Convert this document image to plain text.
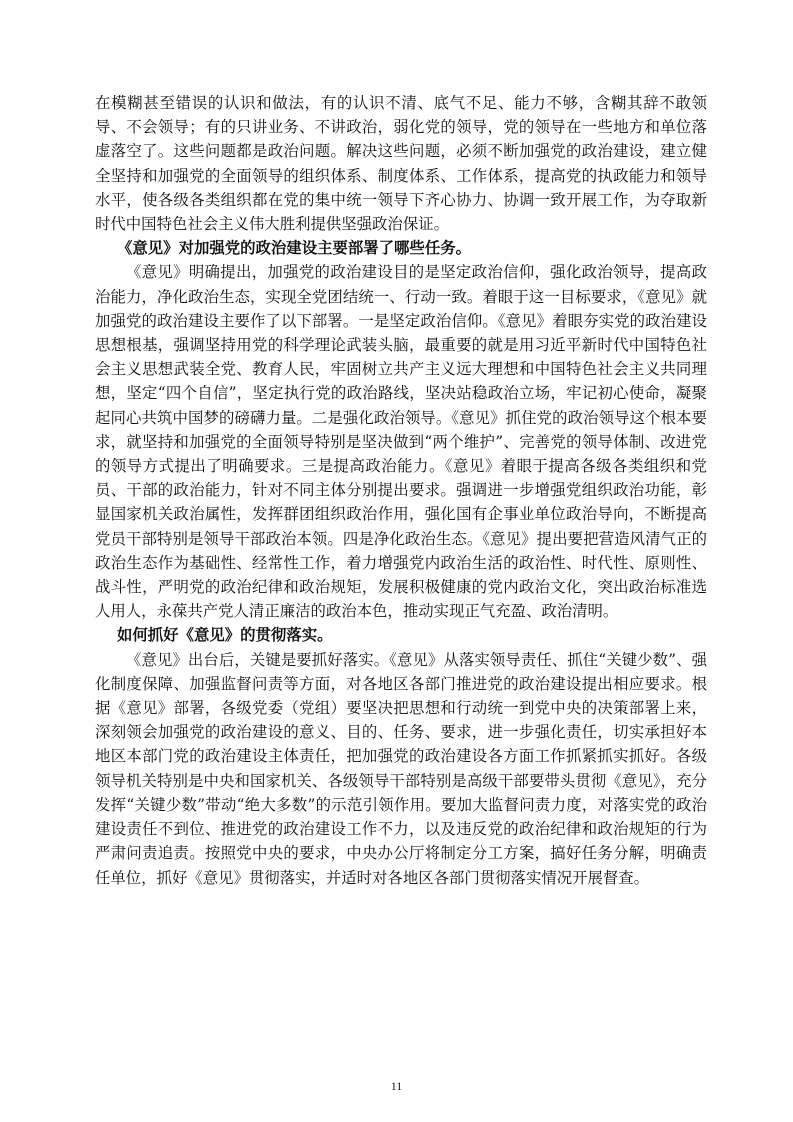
在模糊甚至错误的认识和做法，有的认识不清、底气不足、能力不够，含糊其辞不敢领导、不会领导；有的只讲业务、不讲政治，弱化党的领导，党的领导在一些地方和单位落虚落空了。这些问题都是政治问题。解决这些问题，必须不断加强党的政治建设，建立健全坚持和加强党的全面领导的组织体系、制度体系、工作体系，提高党的执政能力和领导水平，使各级各类组织都在党的集中统一领导下齐心协力、协调一致开展工作，为夺取新时代中国特色社会主义伟大胜利提供坚强政治保证。

《意见》对加强党的政治建设主要部署了哪些任务。

《意见》明确提出，加强党的政治建设目的是坚定政治信仰，强化政治领导，提高政治能力，净化政治生态，实现全党团结统一、行动一致。着眼于这一目标要求，《意见》就加强党的政治建设主要作了以下部署。一是坚定政治信仰。《意见》着眼夯实党的政治建设思想根基，强调坚持用党的科学理论武装头脑，最重要的就是用习近平新时代中国特色社会主义思想武装全党、教育人民，牢固树立共产主义远大理想和中国特色社会主义共同理想，坚定“四个自信”，坚定执行党的政治路线，坚决站稳政治立场，牢记初心使命，凝聚起同心共筑中国梦的磅礴力量。二是强化政治领导。《意见》抓住党的政治领导这个根本要求，就坚持和加强党的全面领导特别是坚决做到“两个维护”、完善党的领导体制、改进党的领导方式提出了明确要求。三是提高政治能力。《意见》着眼于提高各级各类组织和党员、干部的政治能力，针对不同主体分别提出要求。强调进一步增强党组织政治功能，彰显国家机关政治属性，发挥群团组织政治作用，强化国有企事业单位政治导向，不断提高党员干部特别是领导干部政治本领。四是净化政治生态。《意见》提出要把营造风清气正的政治生态作为基础性、经常性工作，着力增强党内政治生活的政治性、时代性、原则性、战斗性，严明党的政治纪律和政治规矩，发展积极健康的党内政治文化，突出政治标准选人用人，永葆共产党人清正廉洁的政治本色，推动实现正气充盈、政治清明。

如何抓好《意见》的贯彻落实。

《意见》出台后，关键是要抓好落实。《意见》从落实领导责任、抓住“关键少数”、强化制度保障、加强监督问责等方面，对各地区各部门推进党的政治建设提出相应要求。根据《意见》部署，各级党委（党组）要坚决把思想和行动统一到党中央的决策部署上来，深刻领会加强党的政治建设的意义、目的、任务、要求，进一步强化责任，切实承担好本地区本部门党的政治建设主体责任，把加强党的政治建设各方面工作抓紧抓实抓好。各级领导机关特别是中央和国家机关、各级领导干部特别是高级干部要带头贯彻《意见》，充分发挥“关键少数”带动“绝大多数”的示范引领作用。要加大监督问责力度，对落实党的政治建设责任不到位、推进党的政治建设工作不力，以及违反党的政治纪律和政治规矩的行为严肃问责追责。按照党中央的要求，中央办公厅将制定分工方案，搞好任务分解，明确责任单位，抓好《意见》贯彻落实，并适时对各地区各部门贯彻落实情况开展督查。

11
